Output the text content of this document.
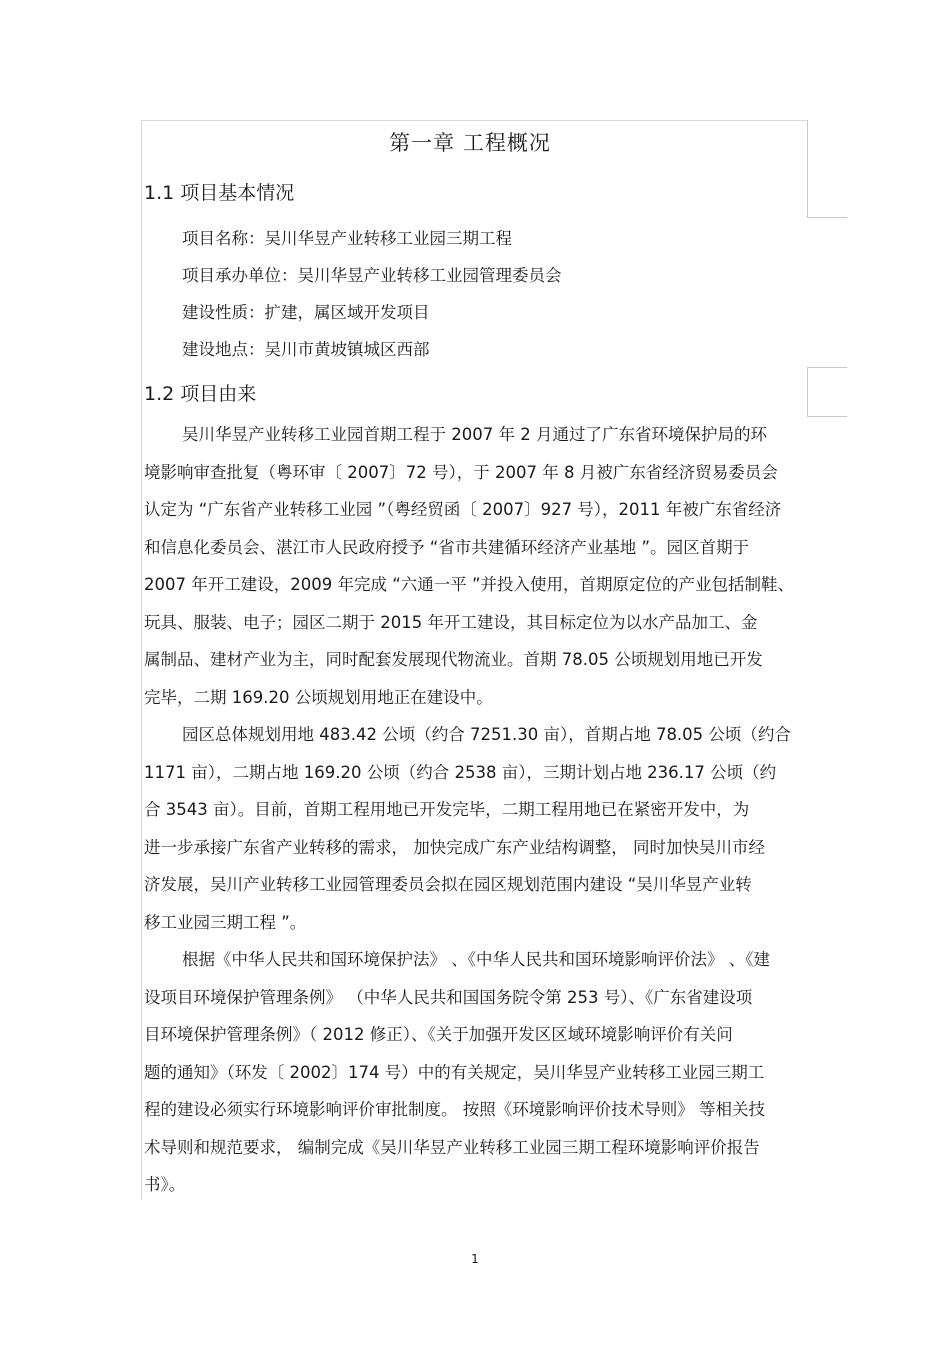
第一章 工程概况
1.1 项目基本情况
项目名称：吴川华昱产业转移工业园三期工程
项目承办单位：吴川华昱产业转移工业园管理委员会
建设性质：扩建，属区域开发项目
建设地点：吴川市黄坡镇城区西部
1.2 项目由来

吴川华昱产业转移工业园首期工程于 2007 年 2 月通过了广东省环境保护局的环
境影响审查批复（粤环审〔 2007〕72 号），于 2007 年 8 月被广东省经济贸易委员会
认定为 “广东省产业转移工业园 ”（粤经贸函〔 2007〕927 号），2011 年被广东省经济
和信息化委员会、湛江市人民政府授予 “省市共建循环经济产业基地 ”。园区首期于
2007 年开工建设，2009 年完成 “六通一平 ”并投入使用，首期原定位的产业包括制鞋、
玩具、服装、电子；园区二期于 2015 年开工建设，其目标定位为以水产品加工、金
属制品、建材产业为主，同时配套发展现代物流业。首期 78.05 公顷规划用地已开发
完毕，二期 169.20 公顷规划用地正在建设中。

园区总体规划用地 483.42 公顷（约合 7251.30 亩），首期占地 78.05 公顷（约合
1171 亩），二期占地 169.20 公顷（约合 2538 亩），三期计划占地 236.17 公顷（约
合 3543 亩）。目前，首期工程用地已开发完毕，二期工程用地已在紧密开发中，为
进一步承接广东省产业转移的需求， 加快完成广东产业结构调整， 同时加快吴川市经
济发展，吴川产业转移工业园管理委员会拟在园区规划范围内建设 “吴川华昱产业转
移工业园三期工程 ”。

根据《中华人民共和国环境保护法》 、《中华人民共和国环境影响评价法》 、《建
设项目环境保护管理条例》 （中华人民共和国国务院令第 253 号）、《广东省建设项
目环境保护管理条例》（ 2012 修正）、《关于加强开发区区域环境影响评价有关问
题的通知》（环发〔 2002〕174 号）中的有关规定，吴川华昱产业转移工业园三期工
程的建设必须实行环境影响评价审批制度。 按照《环境影响评价技术导则》 等相关技
术导则和规范要求， 编制完成《吴川华昱产业转移工业园三期工程环境影响评价报告
书》。

1
